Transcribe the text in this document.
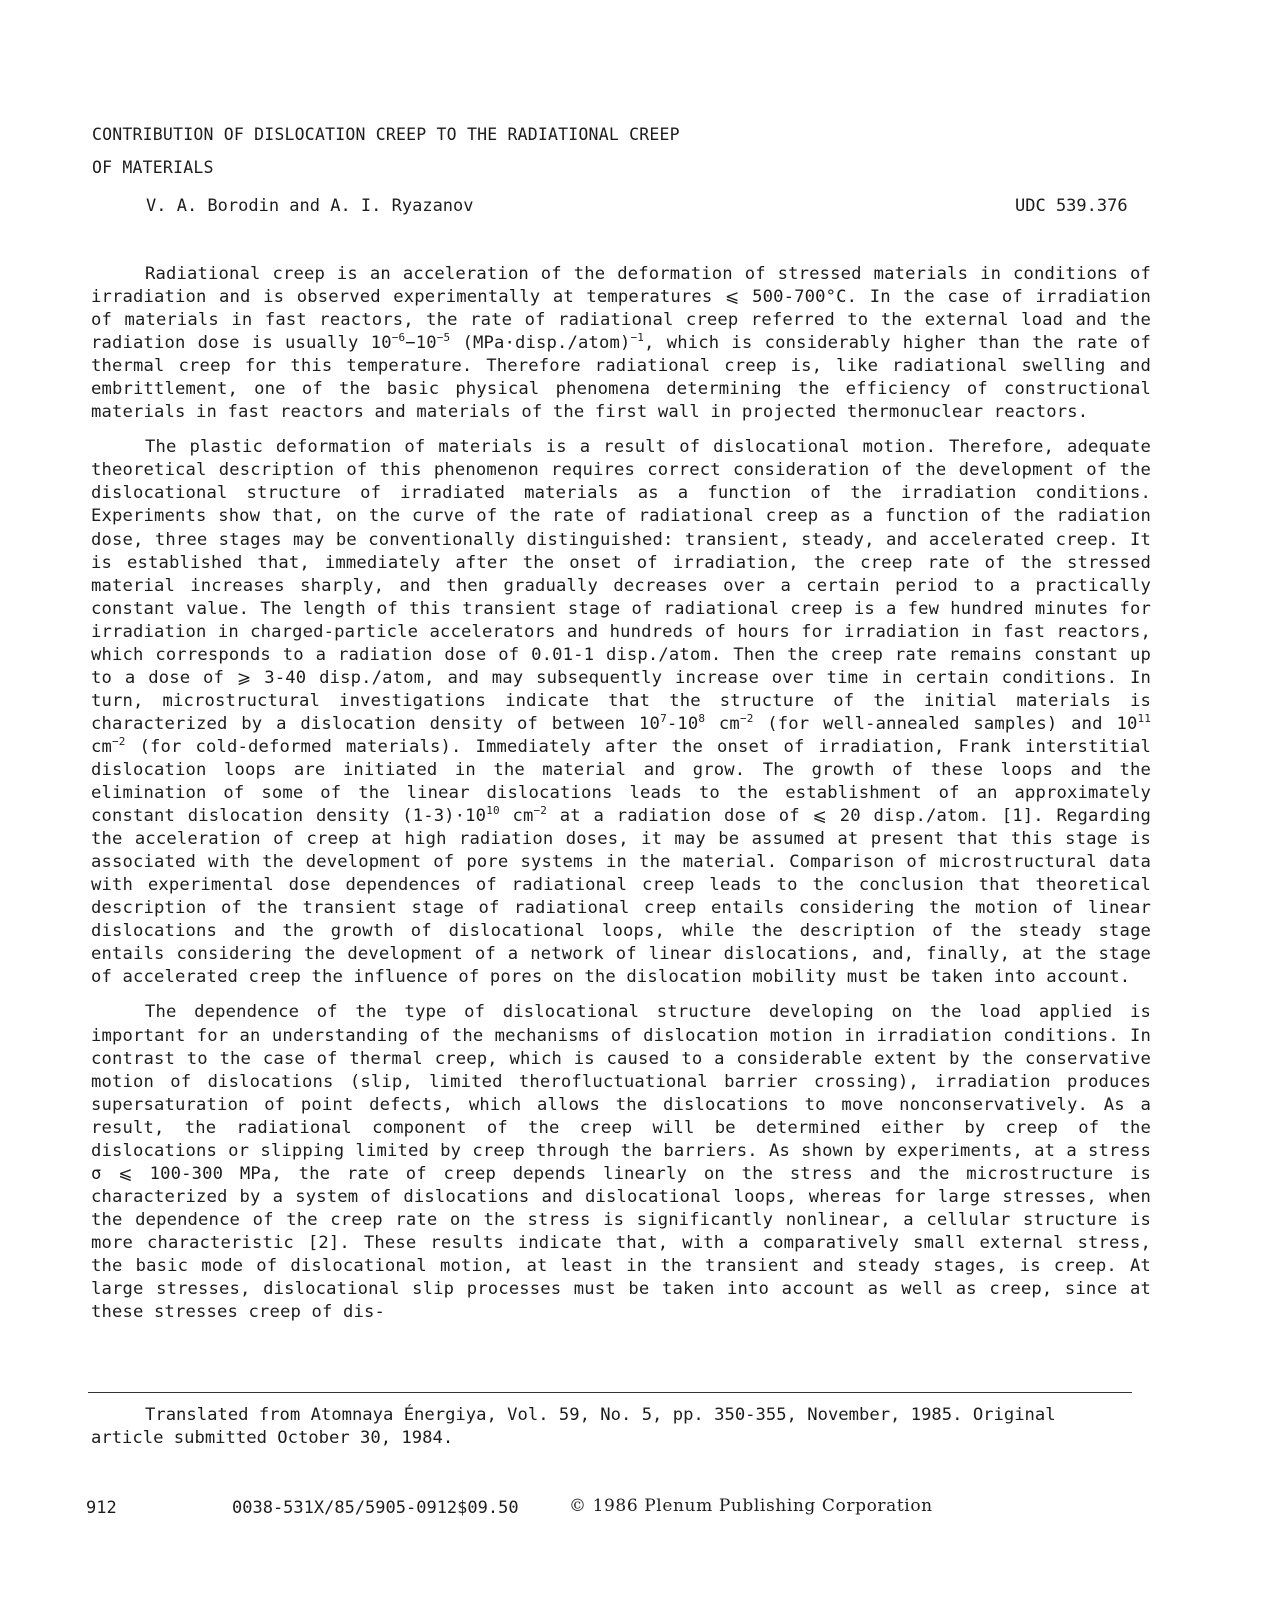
CONTRIBUTION OF DISLOCATION CREEP TO THE RADIATIONAL CREEP
OF MATERIALS
V. A. Borodin and A. I. Ryazanov	UDC 539.376

Radiational creep is an acceleration of the deformation of stressed materials in conditions of irradiation and is observed experimentally at temperatures ⩽ 500-700°C. In the case of irradiation of materials in fast reactors, the rate of radiational creep referred to the external load and the radiation dose is usually $10^{-6}-10^{-5}$ (MPa·disp./atom)$^{-1}$, which is considerably higher than the rate of thermal creep for this temperature. Therefore radiational creep is, like radiational swelling and embrittlement, one of the basic physical phenomena determining the efficiency of constructional materials in fast reactors and materials of the first wall in projected thermonuclear reactors.

The plastic deformation of materials is a result of dislocational motion. Therefore, adequate theoretical description of this phenomenon requires correct consideration of the development of the dislocational structure of irradiated materials as a function of the irradiation conditions. Experiments show that, on the curve of the rate of radiational creep as a function of the radiation dose, three stages may be conventionally distinguished: transient, steady, and accelerated creep. It is established that, immediately after the onset of irradiation, the creep rate of the stressed material increases sharply, and then gradually decreases over a certain period to a practically constant value. The length of this transient stage of radiational creep is a few hundred minutes for irradiation in charged-particle accelerators and hundreds of hours for irradiation in fast reactors, which corresponds to a radiation dose of 0.01-1 disp./atom. Then the creep rate remains constant up to a dose of ⩾ 3-40 disp./atom, and may subsequently increase over time in certain conditions. In turn, microstructural investigations indicate that the structure of the initial materials is characterized by a dislocation density of between $10^7-10^8$ $cm^{-2}$ (for well-annealed samples) and $10^{11}$ $cm^{-2}$ (for cold-deformed materials). Immediately after the onset of irradiation, Frank interstitial dislocation loops are initiated in the material and grow. The growth of these loops and the elimination of some of the linear dislocations leads to the establishment of an approximately constant dislocation density $(1-3)\cdot 10^{10}$ $cm^{-2}$ at a radiation dose of ⩽ 20 disp./atom. [1]. Regarding the acceleration of creep at high radiation doses, it may be assumed at present that this stage is associated with the development of pore systems in the material. Comparison of microstructural data with experimental dose dependences of radiational creep leads to the conclusion that theoretical description of the transient stage of radiational creep entails considering the motion of linear dislocations and the growth of dislocational loops, while the description of the steady stage entails considering the development of a network of linear dislocations, and, finally, at the stage of accelerated creep the influence of pores on the dislocation mobility must be taken into account.

The dependence of the type of dislocational structure developing on the load applied is important for an understanding of the mechanisms of dislocation motion in irradiation conditions. In contrast to the case of thermal creep, which is caused to a considerable extent by the conservative motion of dislocations (slip, limited therofluctuational barrier crossing), irradiation produces supersaturation of point defects, which allows the dislocations to move nonconservatively. As a result, the radiational component of the creep will be determined either by creep of the dislocations or slipping limited by creep through the barriers. As shown by experiments, at a stress σ ⩽ 100-300 MPa, the rate of creep depends linearly on the stress and the microstructure is characterized by a system of dislocations and dislocational loops, whereas for large stresses, when the dependence of the creep rate on the stress is significantly nonlinear, a cellular structure is more characteristic [2]. These results indicate that, with a comparatively small external stress, the basic mode of dislocational motion, at least in the transient and steady stages, is creep. At large stresses, dislocational slip processes must be taken into account as well as creep, since at these stresses creep of dis-

Translated from Atomnaya Énergiya, Vol. 59, No. 5, pp. 350-355, November, 1985. Original article submitted October 30, 1984.
912	0038-531X/85/5905-0912$09.50	© 1986 Plenum Publishing Corporation
